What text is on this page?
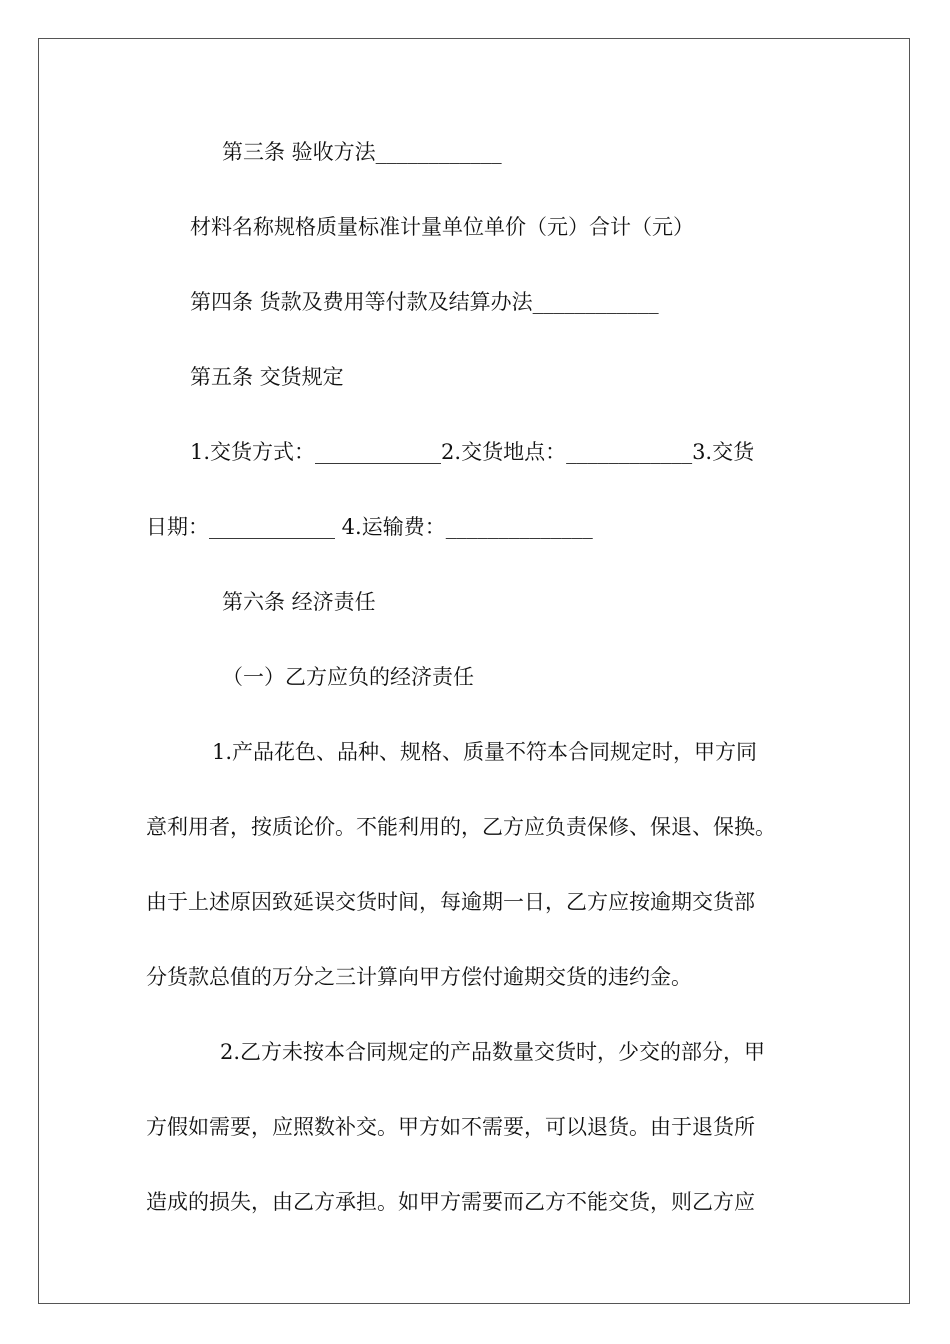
第三条 验收方法____________
材料名称规格质量标准计量单位单价（元）合计（元）
第四条 货款及费用等付款及结算办法____________
第五条 交货规定
1.交货方式：____________2.交货地点：____________3.交货
日期：____________ 4.运输费：______________
第六条 经济责任
（一）乙方应负的经济责任
1.产品花色、品种、规格、质量不符本合同规定时，甲方同
意利用者，按质论价。不能利用的，乙方应负责保修、保退、保换。
由于上述原因致延误交货时间，每逾期一日，乙方应按逾期交货部
分货款总值的万分之三计算向甲方偿付逾期交货的违约金。
2.乙方未按本合同规定的产品数量交货时，少交的部分，甲
方假如需要，应照数补交。甲方如不需要，可以退货。由于退货所
造成的损失，由乙方承担。如甲方需要而乙方不能交货，则乙方应
